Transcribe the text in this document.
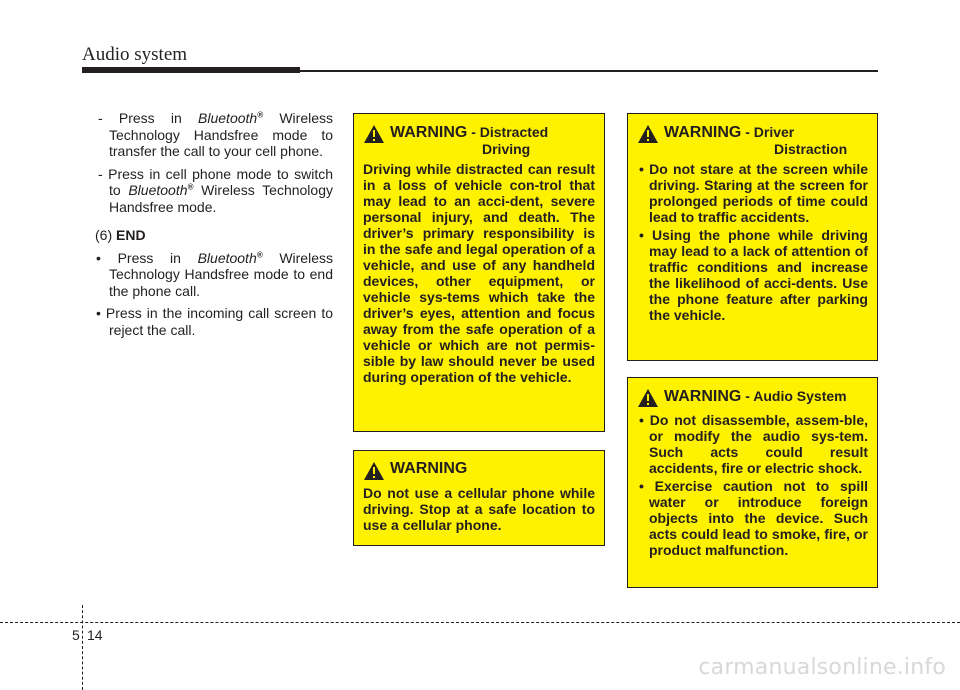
Audio system

- Press in Bluetooth® Wireless Technology Handsfree mode to transfer the call to your cell phone.

- Press in cell phone mode to switch to Bluetooth® Wireless Technology Handsfree mode.

(6) END

• Press in Bluetooth® Wireless Technology Handsfree mode to end the phone call.

• Press in the incoming call screen to reject the call.

WARNING - Distracted
Driving
Driving while distracted can result in a loss of vehicle con-trol that may lead to an acci-dent, severe personal injury, and death. The driver’s primary responsibility is in the safe and legal operation of a vehicle, and use of any handheld devices, other equipment, or vehicle sys-tems which take the driver’s eyes, attention and focus away from the safe operation of a vehicle or which are not permis-sible by law should never be used during operation of the vehicle.
WARNING
Do not use a cellular phone while driving. Stop at a safe location to use a cellular phone.
WARNING - Driver
Distraction
• Do not stare at the screen while driving. Staring at the screen for prolonged periods of time could lead to traffic accidents.
• Using the phone while driving may lead to a lack of attention of traffic conditions and increase the likelihood of acci-dents. Use the phone feature after parking the vehicle.
WARNING - Audio System
• Do not disassemble, assem-ble, or modify the audio sys-tem. Such acts could result accidents, fire or electric shock.
• Exercise caution not to spill water or introduce foreign objects into the device. Such acts could lead to smoke, fire, or product malfunction.
5 14
carmanualsonline.info
